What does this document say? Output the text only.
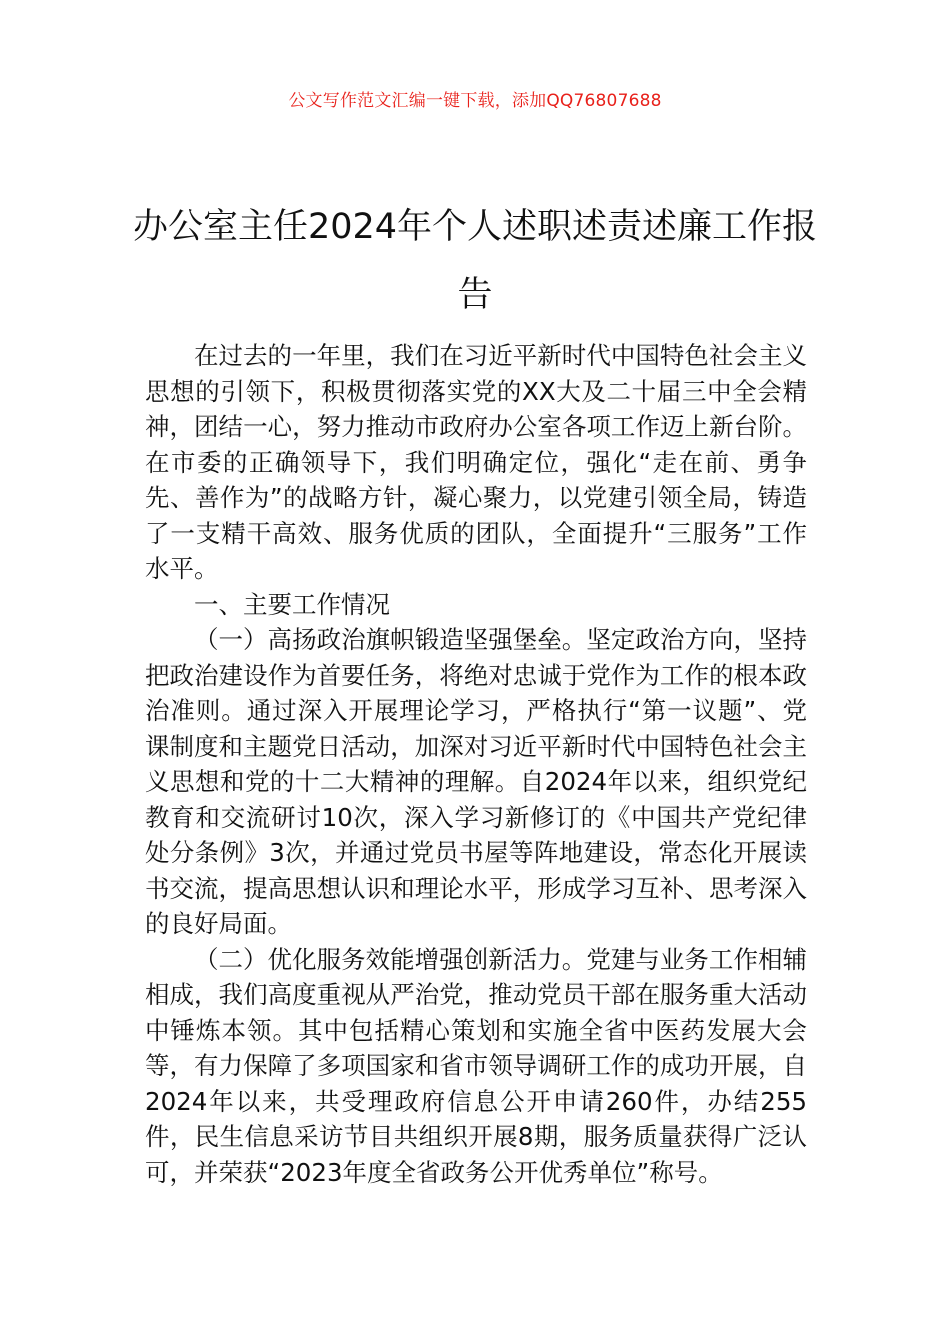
公文写作范文汇编一键下载，添加QQ76807688
办公室主任2024年个人述职述责述廉工作报告

在过去的一年里，我们在习近平新时代中国特色社会主义思想的引领下，积极贯彻落实党的XX大及二十届三中全会精神，团结一心，努力推动市政府办公室各项工作迈上新台阶。在市委的正确领导下，我们明确定位，强化“走在前、勇争先、善作为”的战略方针，凝心聚力，以党建引领全局，铸造了一支精干高效、服务优质的团队，全面提升“三服务”工作水平。

一、主要工作情况

（一）高扬政治旗帜锻造坚强堡垒。坚定政治方向，坚持把政治建设作为首要任务，将绝对忠诚于党作为工作的根本政治准则。通过深入开展理论学习，严格执行“第一议题”、党课制度和主题党日活动，加深对习近平新时代中国特色社会主义思想和党的十二大精神的理解。自2024年以来，组织党纪教育和交流研讨10次，深入学习新修订的《中国共产党纪律处分条例》3次，并通过党员书屋等阵地建设，常态化开展读书交流，提高思想认识和理论水平，形成学习互补、思考深入的良好局面。

（二）优化服务效能增强创新活力。党建与业务工作相辅相成，我们高度重视从严治党，推动党员干部在服务重大活动中锤炼本领。其中包括精心策划和实施全省中医药发展大会等，有力保障了多项国家和省市领导调研工作的成功开展，自2024年以来，共受理政府信息公开申请260件，办结255件，民生信息采访节目共组织开展8期，服务质量获得广泛认可，并荣获“2023年度全省政务公开优秀单位”称号。
